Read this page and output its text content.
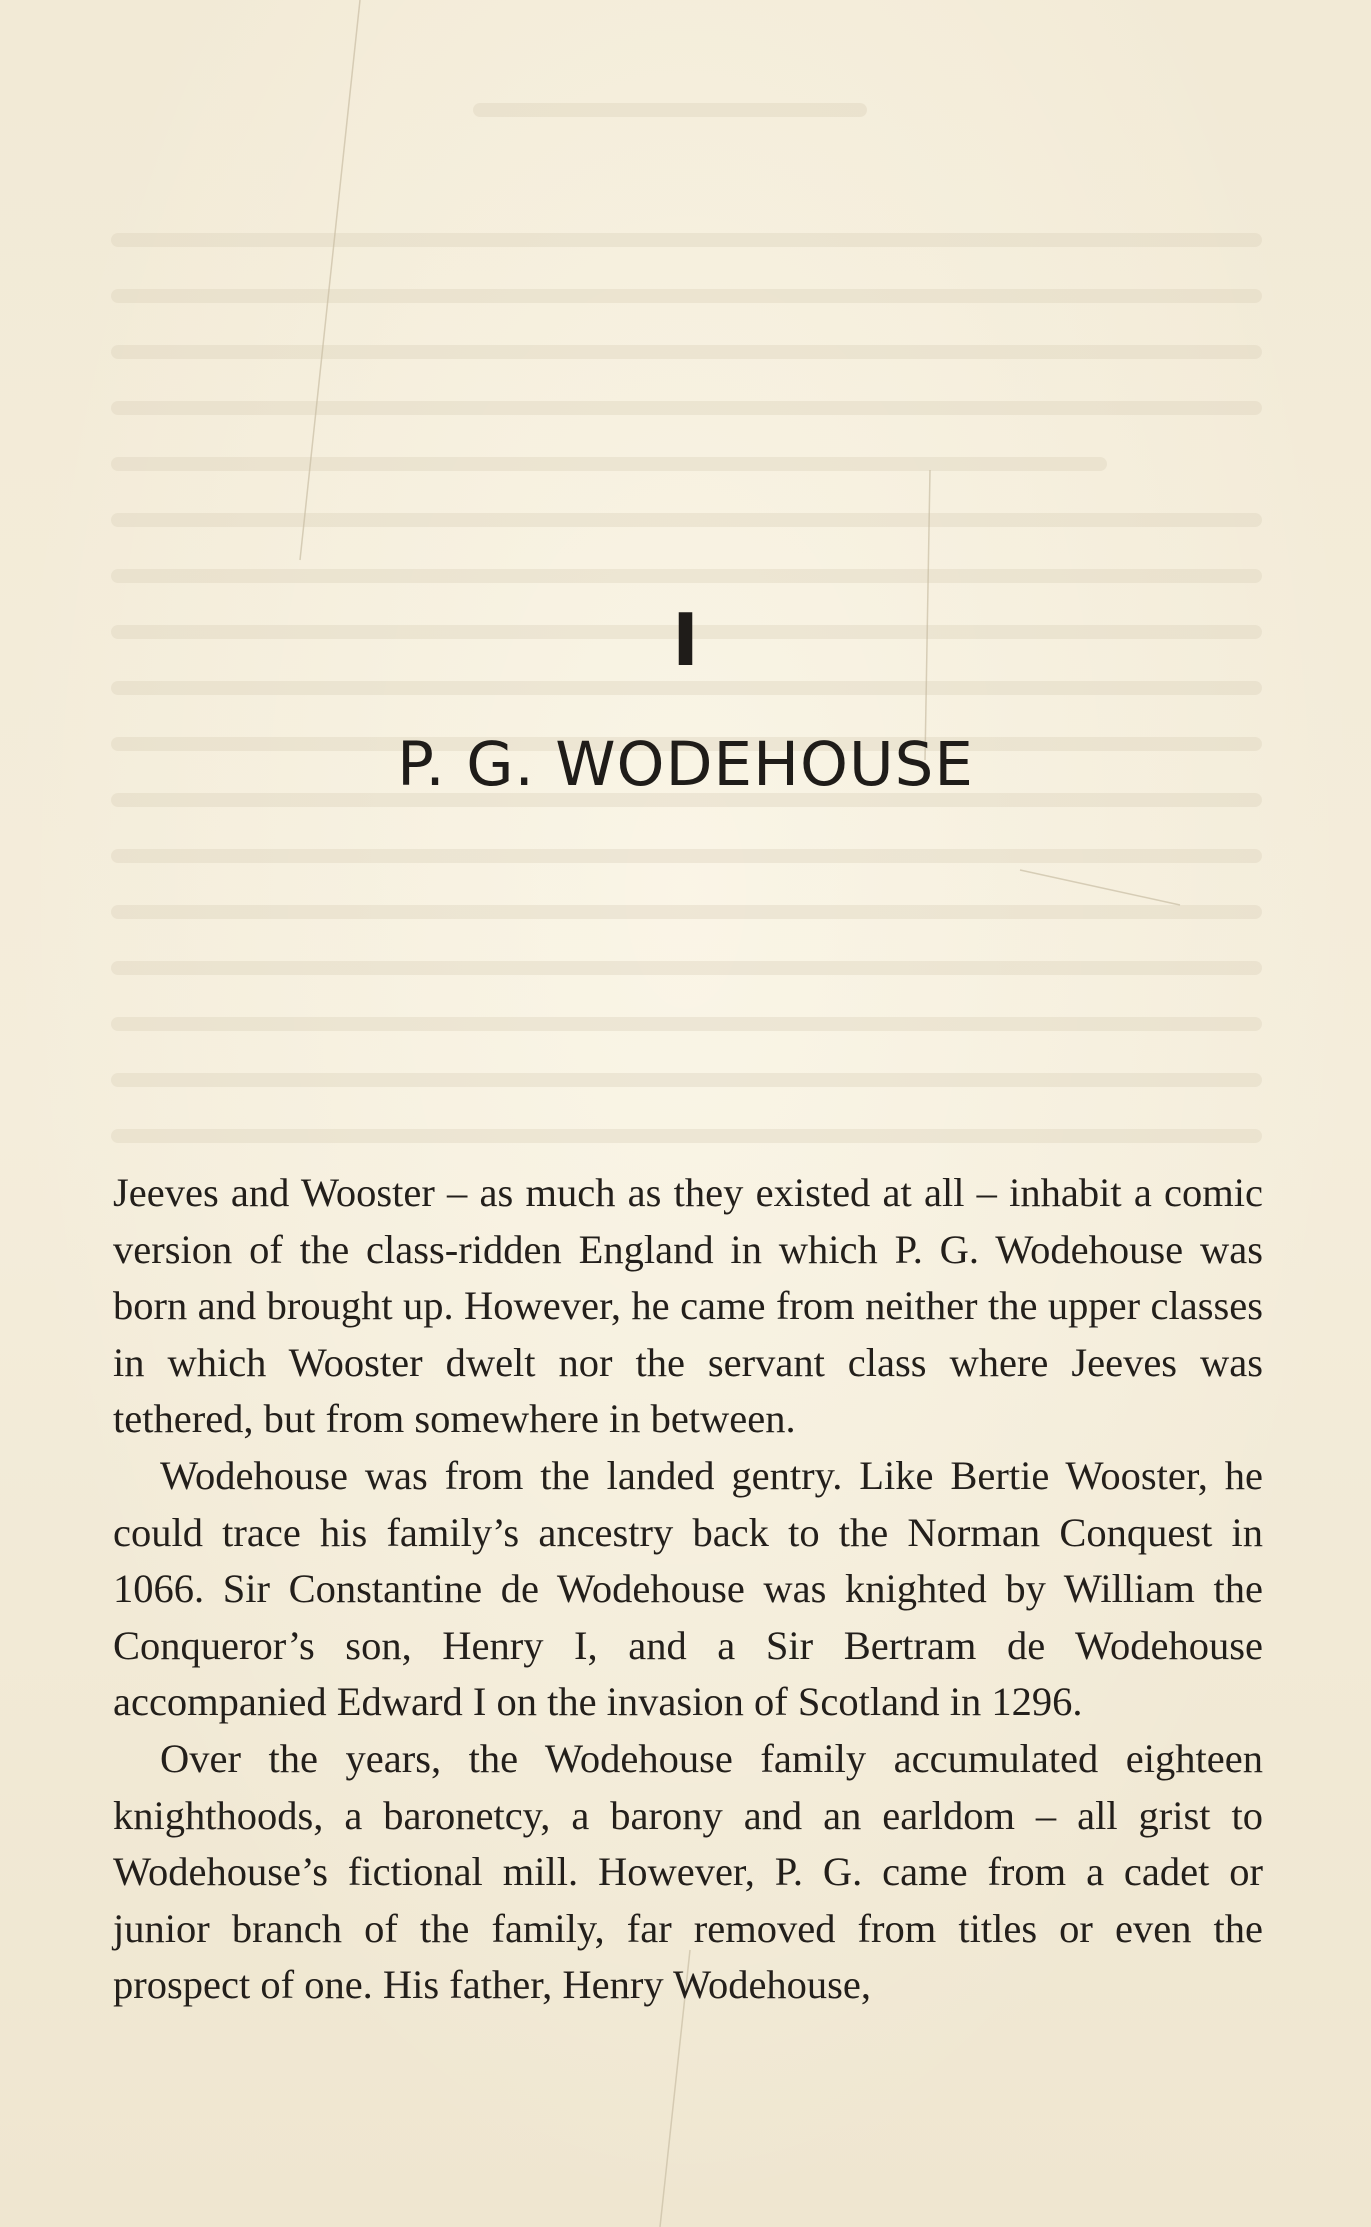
I
P. G. WODEHOUSE

Jeeves and Wooster – as much as they existed at all – inhabit a comic version of the class-ridden England in which P. G. Wodehouse was born and brought up. However, he came from neither the upper classes in which Wooster dwelt nor the servant class where Jeeves was tethered, but from somewhere in between.

Wodehouse was from the landed gentry. Like Bertie Wooster, he could trace his family’s ancestry back to the Norman Conquest in 1066. Sir Constantine de Wodehouse was knighted by William the Conqueror’s son, Henry I, and a Sir Bertram de Wodehouse accompanied Edward I on the invasion of Scotland in 1296.

Over the years, the Wodehouse family accumulated eighteen knighthoods, a baronetcy, a barony and an earldom – all grist to Wodehouse’s fictional mill. However, P. G. came from a cadet or junior branch of the family, far removed from titles or even the prospect of one. His father, Henry Wodehouse,
